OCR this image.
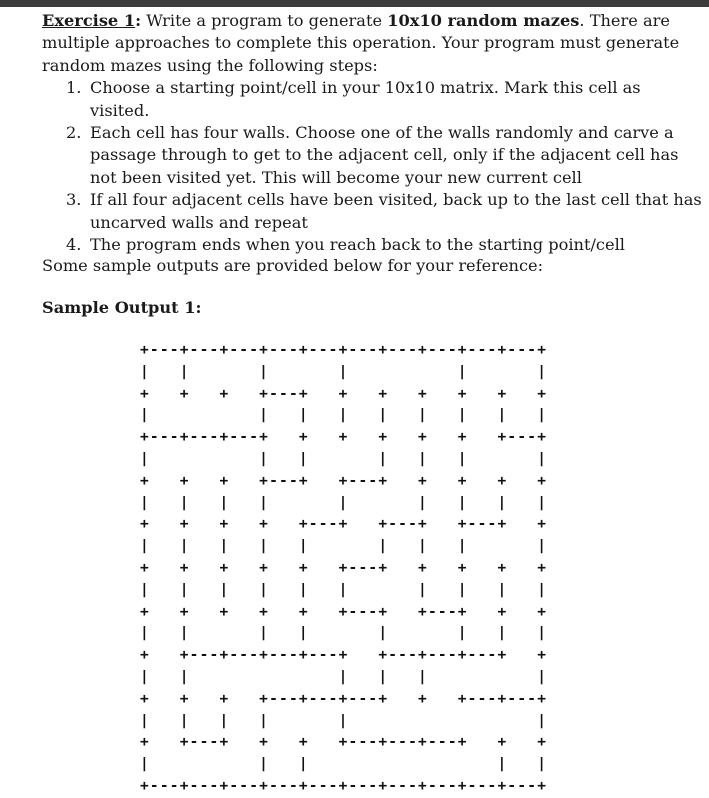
Exercise 1: Write a program to generate 10x10 random mazes. There are multiple approaches to complete this operation. Your program must generate random mazes using the following steps:

1. Choose a starting point/cell in your 10x10 matrix. Mark this cell as visited.
2. Each cell has four walls. Choose one of the walls randomly and carve a passage through to get to the adjacent cell, only if the adjacent cell has not been visited yet. This will become your new current cell
3. If all four adjacent cells have been visited, back up to the last cell that has uncarved walls and repeat
4. The program ends when you reach back to the starting point/cell

Some sample outputs are provided below for your reference:

Sample Output 1:

+---+---+---+---+---+---+---+---+---+---+
|   |       |       |           |       |
+   +   +   +---+   +   +   +   +   +   +
|           |   |   |   |   |   |   |   |
+---+---+---+   +   +   +   +   +   +---+
|           |   |       |   |   |       |
+   +   +   +---+   +---+   +   +   +   +
|   |   |   |       |       |   |   |   |
+   +   +   +   +---+   +---+   +---+   +
|   |   |   |   |       |   |   |       |
+   +   +   +   +   +---+   +   +   +   +
|   |   |   |   |   |       |   |   |   |
+   +   +   +   +   +---+   +---+   +   +
|   |       |   |       |       |   |   |
+   +---+---+---+---+   +---+---+---+   +
|   |               |   |   |           |
+   +   +   +---+---+---+   +   +---+---+
|   |   |   |       |                   |
+   +---+   +   +   +---+---+---+   +   +
|           |   |                   |   |
+---+---+---+---+---+---+---+---+---+---+
